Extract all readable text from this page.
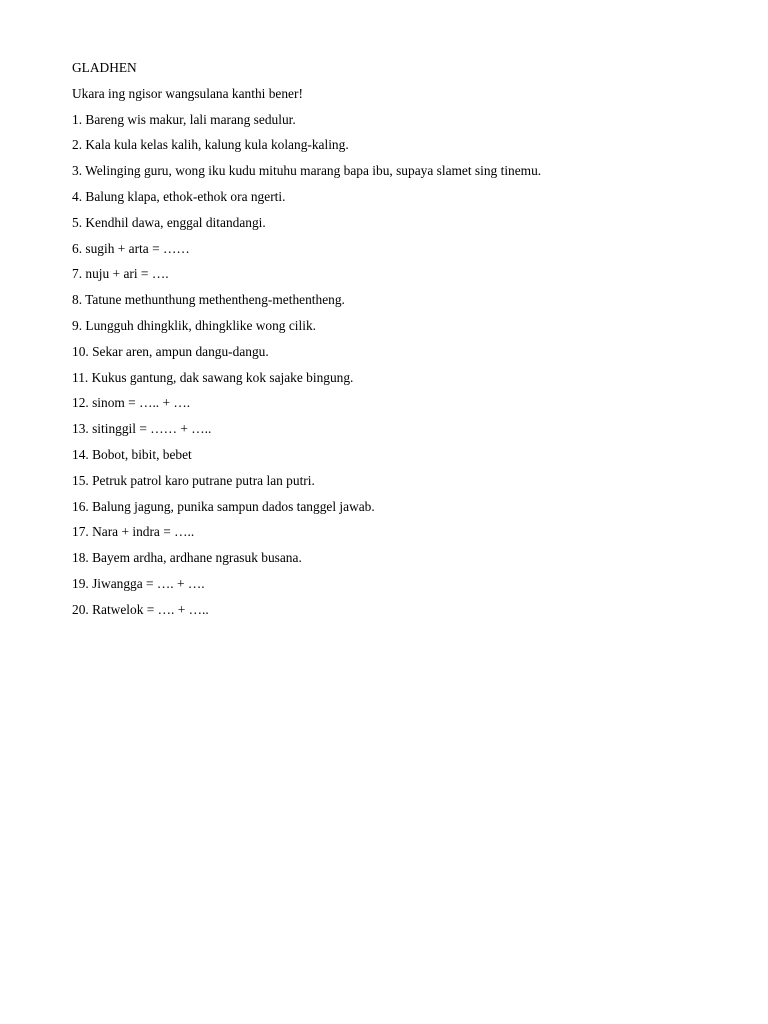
GLADHEN
Ukara ing ngisor wangsulana kanthi bener!
1. Bareng wis makur, lali marang sedulur.
2. Kala kula kelas kalih, kalung kula kolang-kaling.
3. Welinging guru, wong iku kudu mituhu marang bapa ibu, supaya slamet sing tinemu.
4. Balung klapa, ethok-ethok ora ngerti.
5. Kendhil dawa, enggal ditandangi.
6. sugih + arta = ……
7. nuju + ari = ….
8. Tatune methunthung methentheng-methentheng.
9. Lungguh dhingklik, dhingklike wong cilik.
10. Sekar aren, ampun dangu-dangu.
11. Kukus gantung, dak sawang kok sajake bingung.
12. sinom = ….. + ….
13. sitinggil = …… + …..
14. Bobot, bibit, bebet
15. Petruk patrol karo putrane putra lan putri.
16. Balung jagung, punika sampun dados tanggel jawab.
17. Nara + indra = …..
18. Bayem ardha, ardhane ngrasuk busana.
19. Jiwangga = …. + ….
20. Ratwelok = …. + …..
